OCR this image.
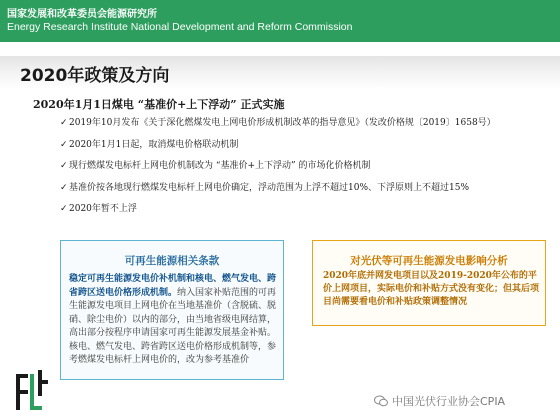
国家发展和改革委员会能源研究所
Energy Research Institute National Development and Reform Commission
2020年政策及方向
2020年1月1日煤电 “基准价+上下浮动” 正式实施
✓ 2019年10月发布《关于深化燃煤发电上网电价形成机制改革的指导意见》（发改价格规〔2019〕1658号）
✓ 2020年1月1日起，取消煤电价格联动机制
✓ 现行燃煤发电标杆上网电价机制改为 “基准价+上下浮动” 的市场化价格机制
✓ 基准价按各地现行燃煤发电标杆上网电价确定，浮动范围为上浮不超过10%、下浮原则上不超过15%
✓ 2020年暂不上浮
可再生能源相关条款
稳定可再生能源发电价补机制和核电、燃气发电、跨省跨区送电价格形成机制。纳入国家补贴范围的可再生能源发电项目上网电价在当地基准价（含脱硫、脱硝、除尘电价）以内的部分，由当地省级电网结算，高出部分按程序申请国家可再生能源发展基金补贴。核电、燃气发电、跨省跨区送电价格形成机制等，参考燃煤发电标杆上网电价的，改为参考基准价
对光伏等可再生能源发电影响分析
2020年底并网发电项目以及2019-2020年公布的平价上网项目，实际电价和补贴方式没有变化；但其后项目尚需要看电价和补贴政策调整情况
中国光伏行业协会CPIA
